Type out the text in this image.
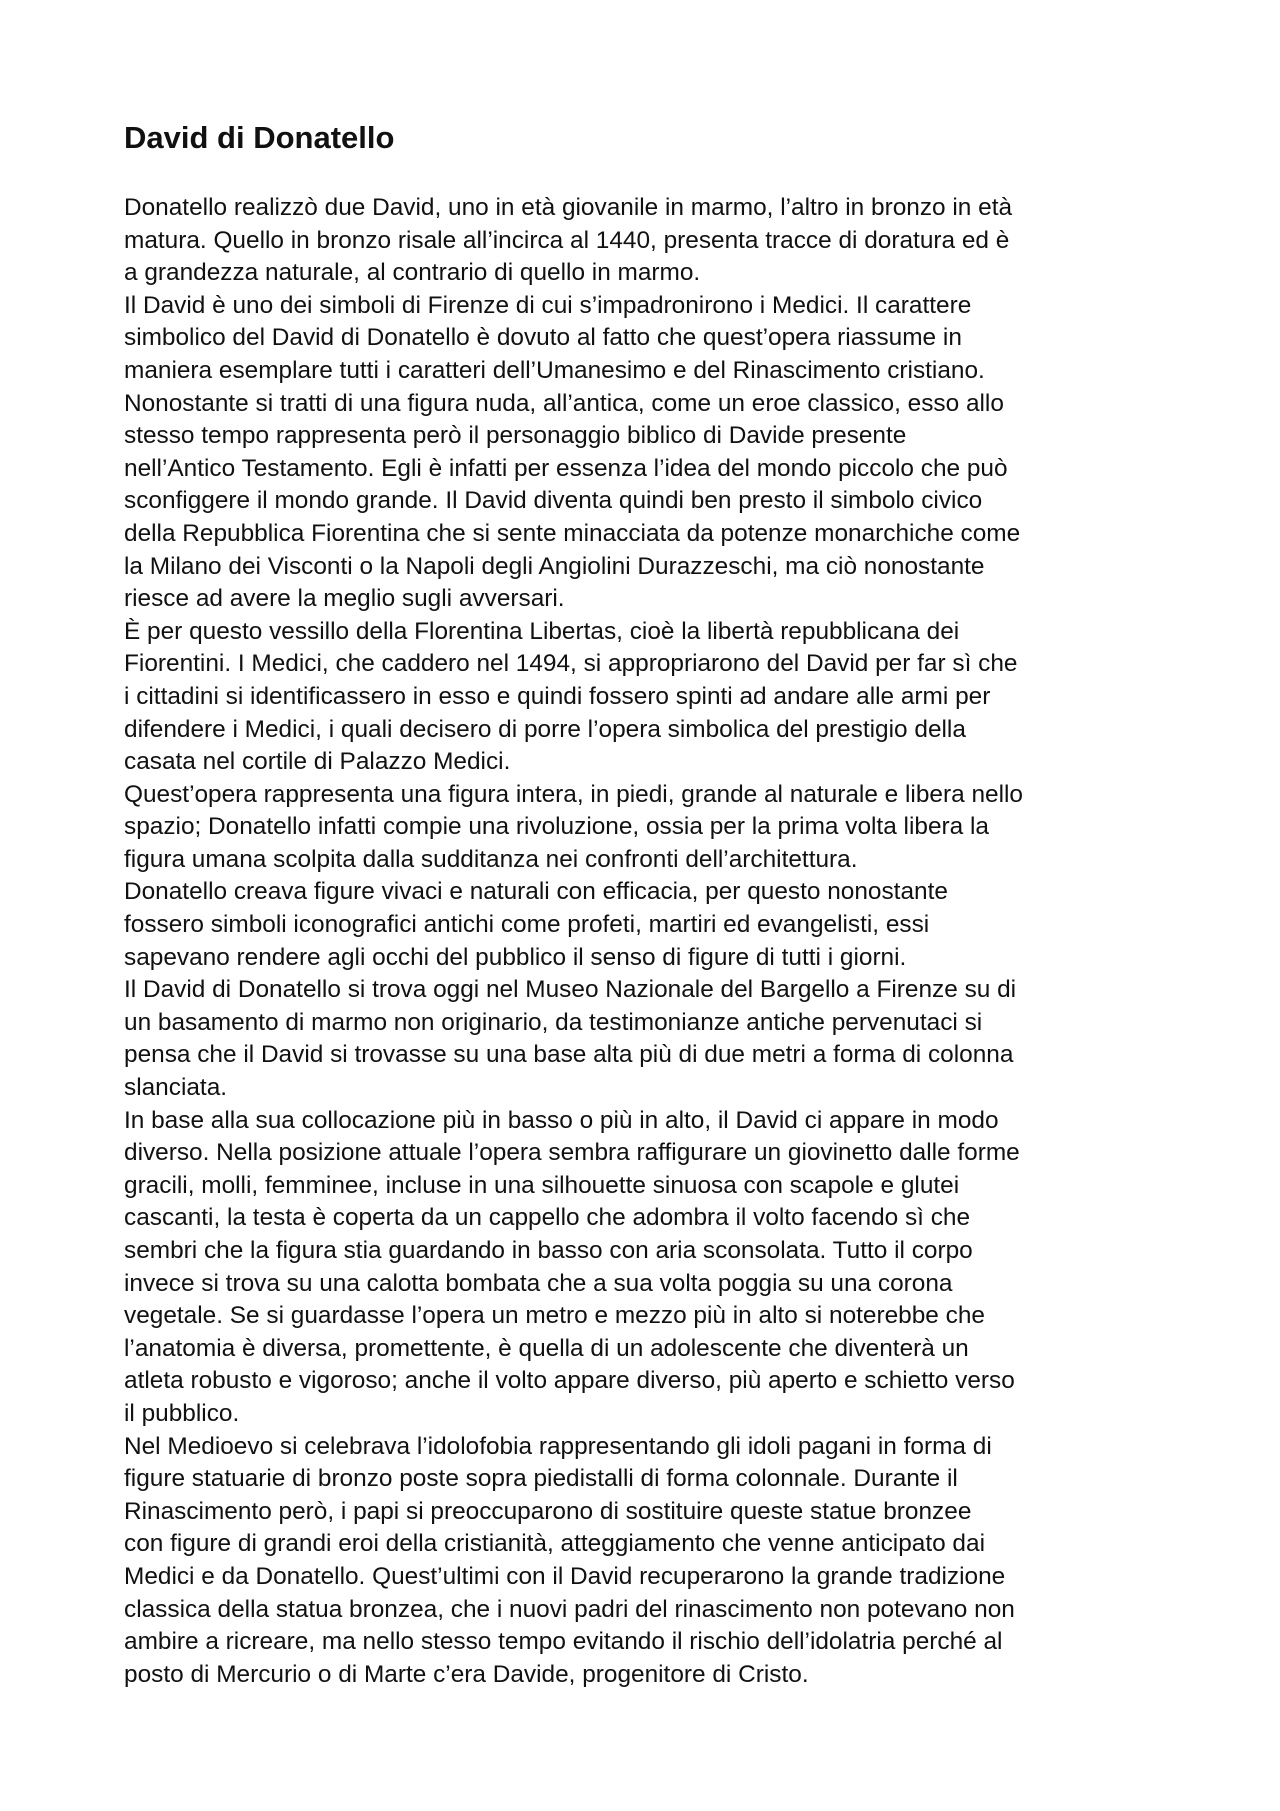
David di Donatello
Donatello realizzò due David, uno in età giovanile in marmo, l’altro in bronzo in età
matura. Quello in bronzo risale all’incirca al 1440, presenta tracce di doratura ed è
a grandezza naturale, al contrario di quello in marmo.
Il David è uno dei simboli di Firenze di cui s’impadronirono i Medici. Il carattere
simbolico del David di Donatello è dovuto al fatto che quest’opera riassume in
maniera esemplare tutti i caratteri dell’Umanesimo e del Rinascimento cristiano.
Nonostante si tratti di una figura nuda, all’antica, come un eroe classico, esso allo
stesso tempo rappresenta però il personaggio biblico di Davide presente
nell’Antico Testamento. Egli è infatti per essenza l’idea del mondo piccolo che può
sconfiggere il mondo grande. Il David diventa quindi ben presto il simbolo civico
della Repubblica Fiorentina che si sente minacciata da potenze monarchiche come
la Milano dei Visconti o la Napoli degli Angiolini Durazzeschi, ma ciò nonostante
riesce ad avere la meglio sugli avversari.
È per questo vessillo della Florentina Libertas, cioè la libertà repubblicana dei
Fiorentini. I Medici, che caddero nel 1494, si appropriarono del David per far sì che
i cittadini si identificassero in esso e quindi fossero spinti ad andare alle armi per
difendere i Medici, i quali decisero di porre l’opera simbolica del prestigio della
casata nel cortile di Palazzo Medici.
Quest’opera rappresenta una figura intera, in piedi, grande al naturale e libera nello
spazio; Donatello infatti compie una rivoluzione, ossia per la prima volta libera la
figura umana scolpita dalla sudditanza nei confronti dell’architettura.
Donatello creava figure vivaci e naturali con efficacia, per questo nonostante
fossero simboli iconografici antichi come profeti, martiri ed evangelisti, essi
sapevano rendere agli occhi del pubblico il senso di figure di tutti i giorni.
Il David di Donatello si trova oggi nel Museo Nazionale del Bargello a Firenze su di
un basamento di marmo non originario, da testimonianze antiche pervenutaci si
pensa che il David si trovasse su una base alta più di due metri a forma di colonna
slanciata.
In base alla sua collocazione più in basso o più in alto, il David ci appare in modo
diverso. Nella posizione attuale l’opera sembra raffigurare un giovinetto dalle forme
gracili, molli, femminee, incluse in una silhouette sinuosa con scapole e glutei
cascanti, la testa è coperta da un cappello che adombra il volto facendo sì che
sembri che la figura stia guardando in basso con aria sconsolata. Tutto il corpo
invece si trova su una calotta bombata che a sua volta poggia su una corona
vegetale. Se si guardasse l’opera un metro e mezzo più in alto si noterebbe che
l’anatomia è diversa, promettente, è quella di un adolescente che diventerà un
atleta robusto e vigoroso; anche il volto appare diverso, più aperto e schietto verso
il pubblico.
Nel Medioevo si celebrava l’idolofobia rappresentando gli idoli pagani in forma di
figure statuarie di bronzo poste sopra piedistalli di forma colonnale. Durante il
Rinascimento però, i papi si preoccuparono di sostituire queste statue bronzee
con figure di grandi eroi della cristianità, atteggiamento che venne anticipato dai
Medici e da Donatello. Quest’ultimi con il David recuperarono la grande tradizione
classica della statua bronzea, che i nuovi padri del rinascimento non potevano non
ambire a ricreare, ma nello stesso tempo evitando il rischio dell’idolatria perché al
posto di Mercurio o di Marte c’era Davide, progenitore di Cristo.
